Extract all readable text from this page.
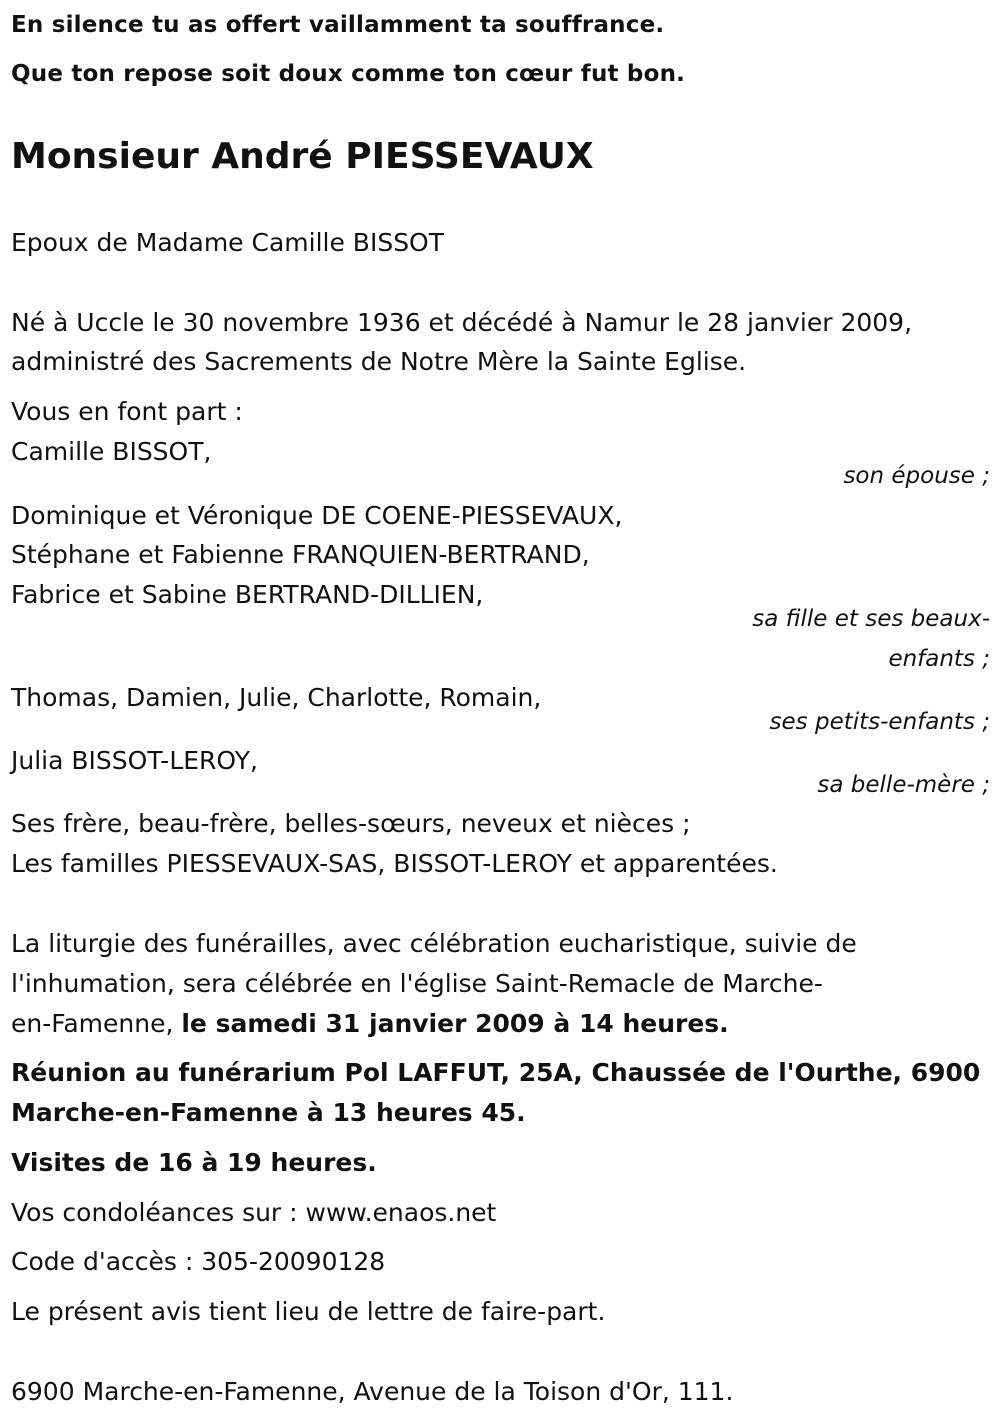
En silence tu as offert vaillamment ta souffrance.
Que ton repose soit doux comme ton cœur fut bon.
Monsieur André PIESSEVAUX
Epoux de Madame Camille BISSOT
Né à Uccle le 30 novembre 1936 et décédé à Namur le 28 janvier 2009,
administré des Sacrements de Notre Mère la Sainte Eglise.
Vous en font part :
Camille BISSOT,
son épouse ;
Dominique et Véronique DE COENE-PIESSEVAUX,
Stéphane et Fabienne FRANQUIEN-BERTRAND,
Fabrice et Sabine BERTRAND-DILLIEN,
sa fille et ses beaux-
enfants ;
Thomas, Damien, Julie, Charlotte, Romain,
ses petits-enfants ;
Julia BISSOT-LEROY,
sa belle-mère ;
Ses frère, beau-frère, belles-sœurs, neveux et nièces ;
Les familles PIESSEVAUX-SAS, BISSOT-LEROY et apparentées.
La liturgie des funérailles, avec célébration eucharistique, suivie de
l'inhumation, sera célébrée en l'église Saint-Remacle de Marche-
en-Famenne, le samedi 31 janvier 2009 à 14 heures.
Réunion au funérarium Pol LAFFUT, 25A, Chaussée de l'Ourthe, 6900
Marche-en-Famenne à 13 heures 45.
Visites de 16 à 19 heures.
Vos condoléances sur : www.enaos.net
Code d'accès : 305-20090128
Le présent avis tient lieu de lettre de faire-part.
6900 Marche-en-Famenne, Avenue de la Toison d'Or, 111.
